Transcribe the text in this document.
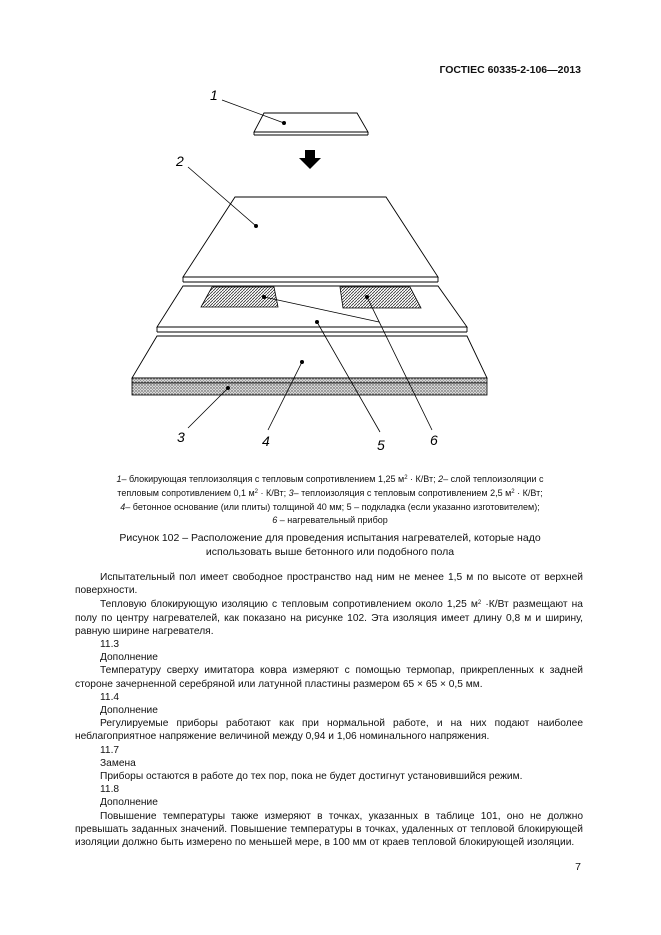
ГОСТIEC 60335-2-106—2013
1
2
3	4	5	6
1– блокирующая теплоизоляция с тепловым сопротивлением 1,25 $м^2 \cdot К/Вт$; 2– слой теплоизоляции с
тепловым сопротивлением 0,1 $м^2 \cdot К/Вт$; 3– теплоизоляция с тепловым сопротивлением 2,5 $м^2 \cdot К/Вт$;
4– бетонное основание (или плиты) толщиной 40 мм; 5 – подкладка (если указанно изготовителем);
6 – нагревательный прибор
Рисунок 102 – Расположение для проведения испытания нагревателей, которые надо
использовать выше бетонного или подобного пола

Испытательный пол имеет свободное пространство над ним не менее 1,5 м по высоте от верхней поверхности.

Тепловую блокирующую изоляцию с тепловым сопротивлением около 1,25 $м^2 \cdot К/Вт$ размещают на полу по центру нагревателей, как показано на рисунке 102. Эта изоляция имеет длину 0,8 м и ширину, равную ширине нагревателя.

11.3

Дополнение

Температуру сверху имитатора ковра измеряют с помощью термопар, прикрепленных к задней стороне зачерненной серебряной или латунной пластины размером 65 × 65 × 0,5 мм.

11.4

Дополнение

Регулируемые приборы работают как при нормальной работе, и на них подают наиболее неблагоприятное напряжение величиной между 0,94 и 1,06 номинального напряжения.

11.7

Замена

Приборы остаются в работе до тех пор, пока не будет достигнут установившийся режим.

11.8

Дополнение

Повышение температуры также измеряют в точках, указанных в таблице 101, оно не должно превышать заданных значений. Повышение температуры в точках, удаленных от тепловой блокирующей изоляции должно быть измерено по меньшей мере, в 100 мм от краев тепловой блокирующей изоляции.

7
